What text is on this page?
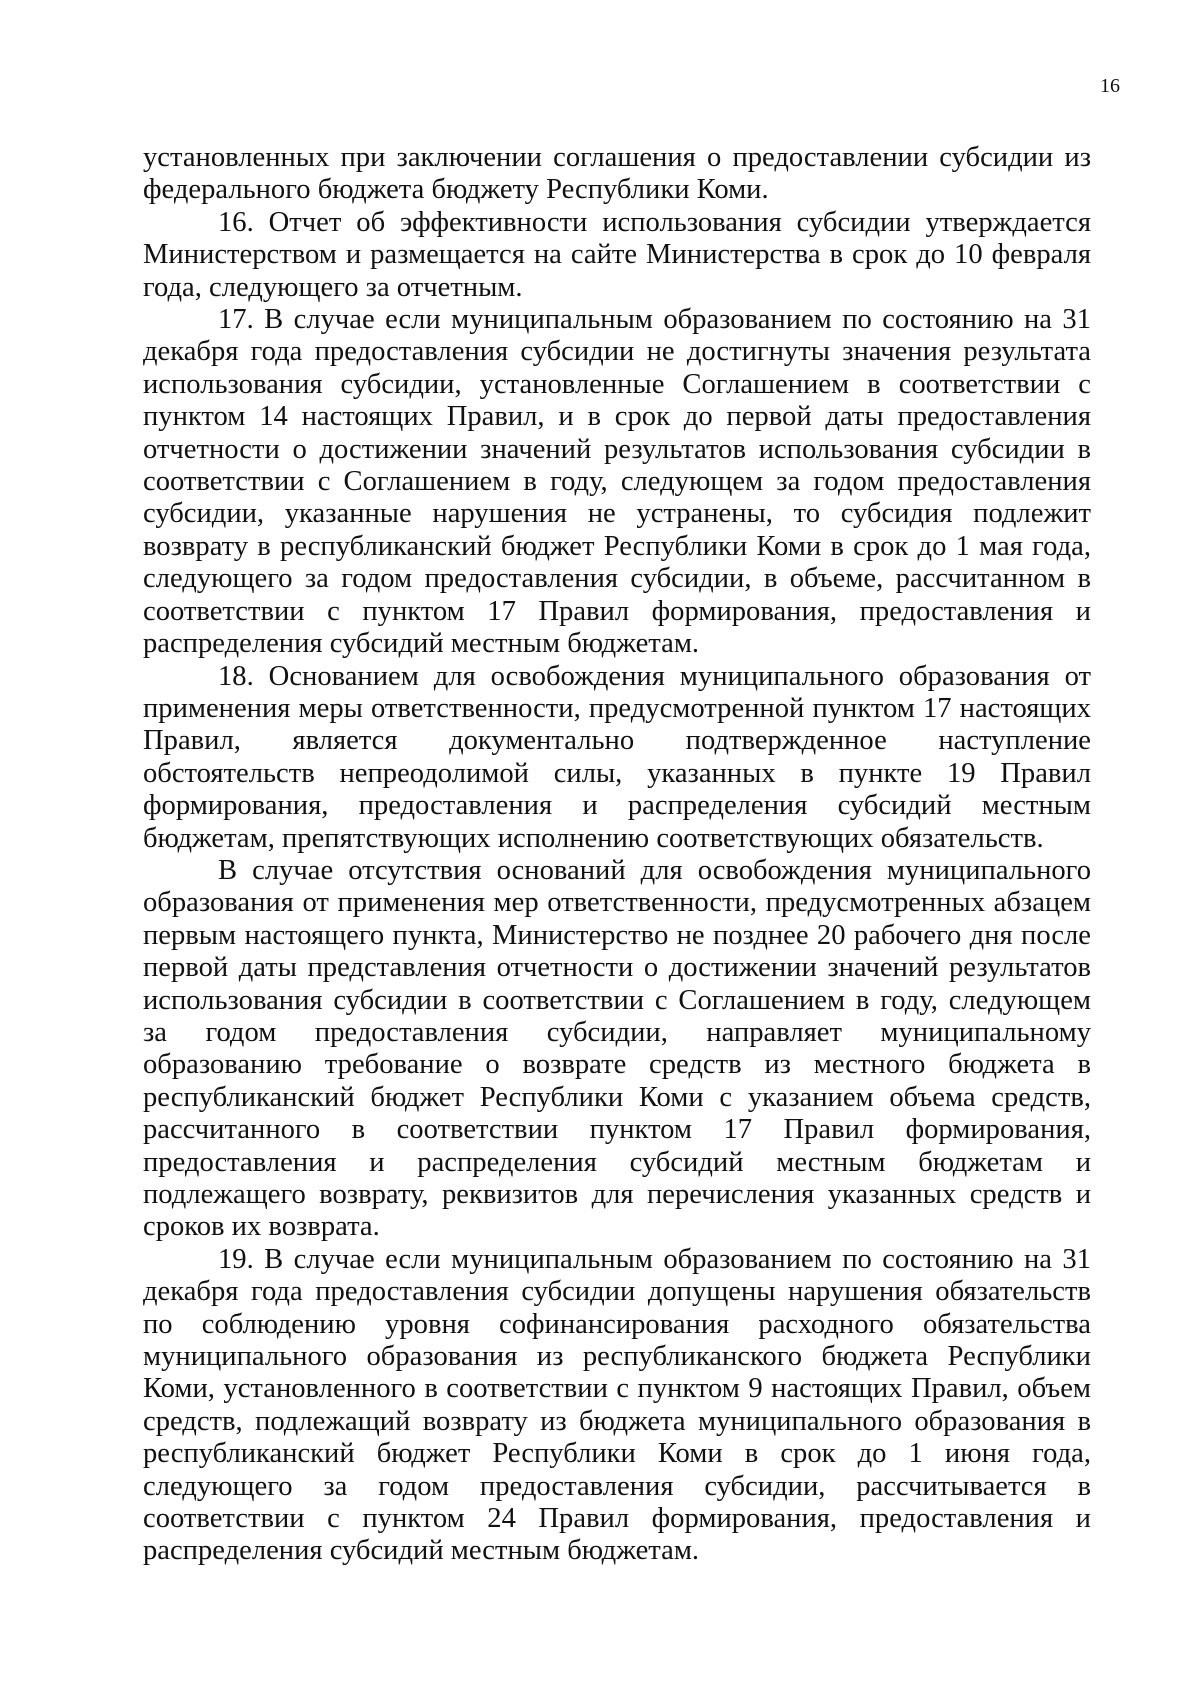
16

установленных при заключении соглашения о предоставлении субсидии из федерального бюджета бюджету Республики Коми.

16. Отчет об эффективности использования субсидии утверждается Министерством и размещается на сайте Министерства в срок до 10 февраля года, следующего за отчетным.

17. В случае если муниципальным образованием по состоянию на 31 декабря года предоставления субсидии не достигнуты значения результата использования субсидии, установленные Соглашением в соответствии с пунктом 14 настоящих Правил, и в срок до первой даты предоставления отчетности о достижении значений результатов использования субсидии в соответствии с Соглашением в году, следующем за годом предоставления субсидии, указанные нарушения не устранены, то субсидия подлежит возврату в республиканский бюджет Республики Коми в срок до 1 мая года, следующего за годом предоставления субсидии, в объеме, рассчитанном в соответствии с пунктом 17 Правил формирования, предоставления и распределения субсидий местным бюджетам.

18. Основанием для освобождения муниципального образования от применения меры ответственности, предусмотренной пунктом 17 настоящих Правил, является документально подтвержденное наступление обстоятельств непреодолимой силы, указанных в пункте 19 Правил формирования, предоставления и распределения субсидий местным бюджетам, препятствующих исполнению соответствующих обязательств.

В случае отсутствия оснований для освобождения муниципального образования от применения мер ответственности, предусмотренных абзацем первым настоящего пункта, Министерство не позднее 20 рабочего дня после первой даты представления отчетности о достижении значений результатов использования субсидии в соответствии с Соглашением в году, следующем за годом предоставления субсидии, направляет муниципальному образованию требование о возврате средств из местного бюджета в республиканский бюджет Республики Коми с указанием объема средств, рассчитанного в соответствии пунктом 17 Правил формирования, предоставления и распределения субсидий местным бюджетам и подлежащего возврату, реквизитов для перечисления указанных средств и сроков их возврата.

19. В случае если муниципальным образованием по состоянию на 31 декабря года предоставления субсидии допущены нарушения обязательств по соблюдению уровня софинансирования расходного обязательства муниципального образования из республиканского бюджета Республики Коми, установленного в соответствии с пунктом 9 настоящих Правил, объем средств, подлежащий возврату из бюджета муниципального образования в республиканский бюджет Республики Коми в срок до 1 июня года, следующего за годом предоставления субсидии, рассчитывается в соответствии с пунктом 24 Правил формирования, предоставления и распределения субсидий местным бюджетам.
